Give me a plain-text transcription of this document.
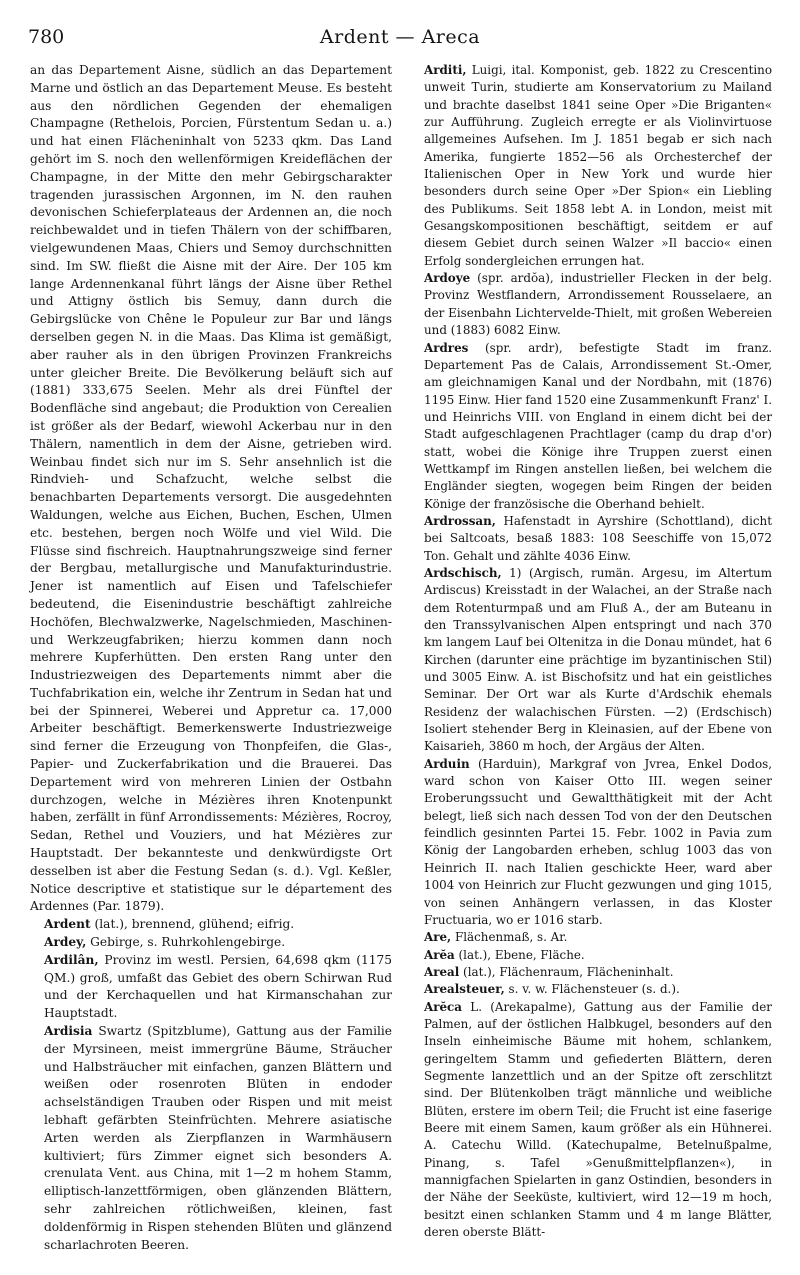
780	Ardent — Areca

an das Departement Aisne, südlich an das Departement Marne und östlich an das Departement Meuse. Es besteht aus den nördlichen Gegenden der ehemaligen Champagne (Rethelois, Porcien, Fürstentum Sedan u. a.) und hat einen Flächeninhalt von 5233 qkm. Das Land gehört im S. noch den wellenförmigen Kreideflächen der Champagne, in der Mitte den mehr Gebirgscharakter tragenden jurassischen Argonnen, im N. den rauhen devonischen Schieferplateaus der Ardennen an, die noch reichbewaldet und in tiefen Thälern von der schiffbaren, vielgewundenen Maas, Chiers und Semoy durchschnitten sind. Im SW. fließt die Aisne mit der Aire. Der 105 km lange Ardennenkanal führt längs der Aisne über Rethel und Attigny östlich bis Semuy, dann durch die Gebirgslücke von Chêne le Populeur zur Bar und längs derselben gegen N. in die Maas. Das Klima ist gemäßigt, aber rauher als in den übrigen Provinzen Frankreichs unter gleicher Breite. Die Bevölkerung beläuft sich auf (1881) 333,675 Seelen. Mehr als drei Fünftel der Bodenfläche sind angebaut; die Produktion von Cerealien ist größer als der Bedarf, wiewohl Ackerbau nur in den Thälern, namentlich in dem der Aisne, getrieben wird. Weinbau findet sich nur im S. Sehr ansehnlich ist die Rindvieh- und Schafzucht, welche selbst die benachbarten Departements versorgt. Die ausgedehnten Waldungen, welche aus Eichen, Buchen, Eschen, Ulmen etc. bestehen, bergen noch Wölfe und viel Wild. Die Flüsse sind fischreich. Hauptnahrungszweige sind ferner der Bergbau, metallurgische und Manufakturindustrie. Jener ist namentlich auf Eisen und Tafelschiefer bedeutend, die Eisenindustrie beschäftigt zahlreiche Hochöfen, Blechwalzwerke, Nagelschmieden, Maschinen- und Werkzeugfabriken; hierzu kommen dann noch mehrere Kupferhütten. Den ersten Rang unter den Industriezweigen des Departements nimmt aber die Tuchfabrikation ein, welche ihr Zentrum in Sedan hat und bei der Spinnerei, Weberei und Appretur ca. 17,000 Arbeiter beschäftigt. Bemerkenswerte Industriezweige sind ferner die Erzeugung von Thonpfeifen, die Glas-, Papier- und Zuckerfabrikation und die Brauerei. Das Departement wird von mehreren Linien der Ostbahn durchzogen, welche in Mézières ihren Knotenpunkt haben, zerfällt in fünf Arrondissements: Mézières, Rocroy, Sedan, Rethel und Vouziers, und hat Mézières zur Hauptstadt. Der bekannteste und denkwürdigste Ort desselben ist aber die Festung Sedan (s. d.). Vgl. Keßler, Notice descriptive et statistique sur le département des Ardennes (Par. 1879).

Ardent (lat.), brennend, glühend; eifrig.

Ardey, Gebirge, s. Ruhrkohlengebirge.

Ardilân, Provinz im westl. Persien, 64,698 qkm (1175 QM.) groß, umfaßt das Gebiet des obern Schirwan Rud und der Kerchaquellen und hat Kirmanschahan zur Hauptstadt.

Ardisia Swartz (Spitzblume), Gattung aus der Familie der Myrsineen, meist immergrüne Bäume, Sträucher und Halbsträucher mit einfachen, ganzen Blättern und weißen oder rosenroten Blüten in endoder achselständigen Trauben oder Rispen und mit meist lebhaft gefärbten Steinfrüchten. Mehrere asiatische Arten werden als Zierpflanzen in Warmhäusern kultiviert; fürs Zimmer eignet sich besonders A. crenulata Vent. aus China, mit 1—2 m hohem Stamm, elliptisch-lanzettförmigen, oben glänzenden Blättern, sehr zahlreichen rötlichweißen, kleinen, fast doldenförmig in Rispen stehenden Blüten und glänzend scharlachroten Beeren.

Arditi, Luigi, ital. Komponist, geb. 1822 zu Crescentino unweit Turin, studierte am Konservatorium zu Mailand und brachte daselbst 1841 seine Oper »Die Briganten« zur Aufführung. Zugleich erregte er als Violinvirtuose allgemeines Aufsehen. Im J. 1851 begab er sich nach Amerika, fungierte 1852—56 als Orchesterchef der Italienischen Oper in New York und wurde hier besonders durch seine Oper »Der Spion« ein Liebling des Publikums. Seit 1858 lebt A. in London, meist mit Gesangskompositionen beschäftigt, seitdem er auf diesem Gebiet durch seinen Walzer »Il baccio« einen Erfolg sondergleichen errungen hat.

Ardoye (spr. ardŏa), industrieller Flecken in der belg. Provinz Westflandern, Arrondissement Rousselaere, an der Eisenbahn Lichtervelde-Thielt, mit großen Webereien und (1883) 6082 Einw.

Ardres (spr. ardr), befestigte Stadt im franz. Departement Pas de Calais, Arrondissement St.-Omer, am gleichnamigen Kanal und der Nordbahn, mit (1876) 1195 Einw. Hier fand 1520 eine Zusammenkunft Franz' I. und Heinrichs VIII. von England in einem dicht bei der Stadt aufgeschlagenen Prachtlager (camp du drap d'or) statt, wobei die Könige ihre Truppen zuerst einen Wettkampf im Ringen anstellen ließen, bei welchem die Engländer siegten, wogegen beim Ringen der beiden Könige der französische die Oberhand behielt.

Ardrossan, Hafenstadt in Ayrshire (Schottland), dicht bei Saltcoats, besaß 1883: 108 Seeschiffe von 15,072 Ton. Gehalt und zählte 4036 Einw.

Ardschisch, 1) (Argisch, rumän. Argesu, im Altertum Ardiscus) Kreisstadt in der Walachei, an der Straße nach dem Rotenturmpaß und am Fluß A., der am Buteanu in den Transsylvanischen Alpen entspringt und nach 370 km langem Lauf bei Oltenitza in die Donau mündet, hat 6 Kirchen (darunter eine prächtige im byzantinischen Stil) und 3005 Einw. A. ist Bischofsitz und hat ein geistliches Seminar. Der Ort war als Kurte d'Ardschik ehemals Residenz der walachischen Fürsten. —2) (Erdschisch) Isoliert stehender Berg in Kleinasien, auf der Ebene von Kaisarieh, 3860 m hoch, der Argäus der Alten.

Arduin (Harduin), Markgraf von Jvrea, Enkel Dodos, ward schon von Kaiser Otto III. wegen seiner Eroberungssucht und Gewaltthätigkeit mit der Acht belegt, ließ sich nach dessen Tod von der den Deutschen feindlich gesinnten Partei 15. Febr. 1002 in Pavia zum König der Langobarden erheben, schlug 1003 das von Heinrich II. nach Italien geschickte Heer, ward aber 1004 von Heinrich zur Flucht gezwungen und ging 1015, von seinen Anhängern verlassen, in das Kloster Fructuaria, wo er 1016 starb.

Are, Flächenmaß, s. Ar.

Arĕa (lat.), Ebene, Fläche.

Areal (lat.), Flächenraum, Flächeninhalt.

Arealsteuer, s. v. w. Flächensteuer (s. d.).

Arĕca L. (Arekapalme), Gattung aus der Familie der Palmen, auf der östlichen Halbkugel, besonders auf den Inseln einheimische Bäume mit hohem, schlankem, geringeltem Stamm und gefiederten Blättern, deren Segmente lanzettlich und an der Spitze oft zerschlitzt sind. Der Blütenkolben trägt männliche und weibliche Blüten, erstere im obern Teil; die Frucht ist eine faserige Beere mit einem Samen, kaum größer als ein Hühnerei. A. Catechu Willd. (Katechupalme, Betelnußpalme, Pinang, s. Tafel »Genußmittelpflanzen«), in mannigfachen Spielarten in ganz Ostindien, besonders in der Nähe der Seeküste, kultiviert, wird 12—19 m hoch, besitzt einen schlanken Stamm und 4 m lange Blätter, deren oberste Blätt-
